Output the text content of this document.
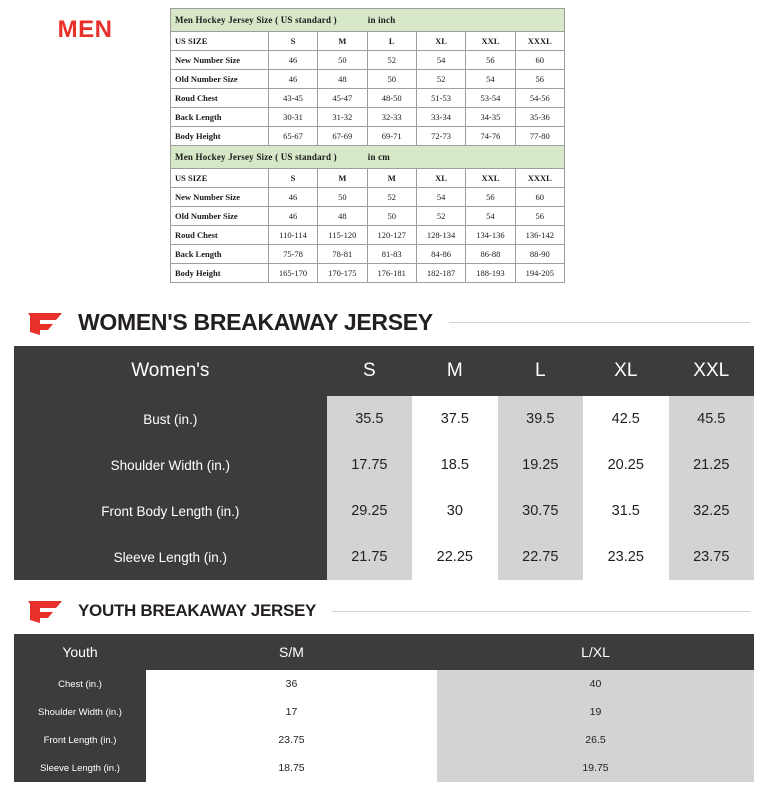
MEN	Men Hockey Jersey Size ( US standard ) in inch						
US SIZE	S	M	L	XL	XXL	XXXL
New Number Size	46	50	52	54	56	60
Old Number Size	46	48	50	52	54	56
Roud Chest	43-45	45-47	48-50	51-53	53-54	54-56
Back Length	30-31	31-32	32-33	33-34	34-35	35-36
Body Height	65-67	67-69	69-71	72-73	74-76	77-80
Men Hockey Jersey Size ( US standard ) in cm						
US SIZE	S	M	M	XL	XXL	XXXL
New Number Size	46	50	52	54	56	60
Old Number Size	46	48	50	52	54	56
Roud Chest	110-114	115-120	120-127	128-134	134-136	136-142
Back Length	75-78	78-81	81-83	84-86	86-88	88-90
Body Height	165-170	170-175	176-181	182-187	188-193	194-205
WOMEN'S BREAKAWAY JERSEY
Women's	S	M	L	XL	XXL
Bust (in.)	35.5	37.5	39.5	42.5	45.5
Shoulder Width (in.)	17.75	18.5	19.25	20.25	21.25
Front Body Length (in.)	29.25	30	30.75	31.5	32.25
Sleeve Length (in.)	21.75	22.25	22.75	23.25	23.75
YOUTH BREAKAWAY JERSEY
Youth	S/M	L/XL
Chest (in.)	36	40
Shoulder Width (in.)	17	19
Front Length (in.)	23.75	26.5
Sleeve Length (in.)	18.75	19.75
